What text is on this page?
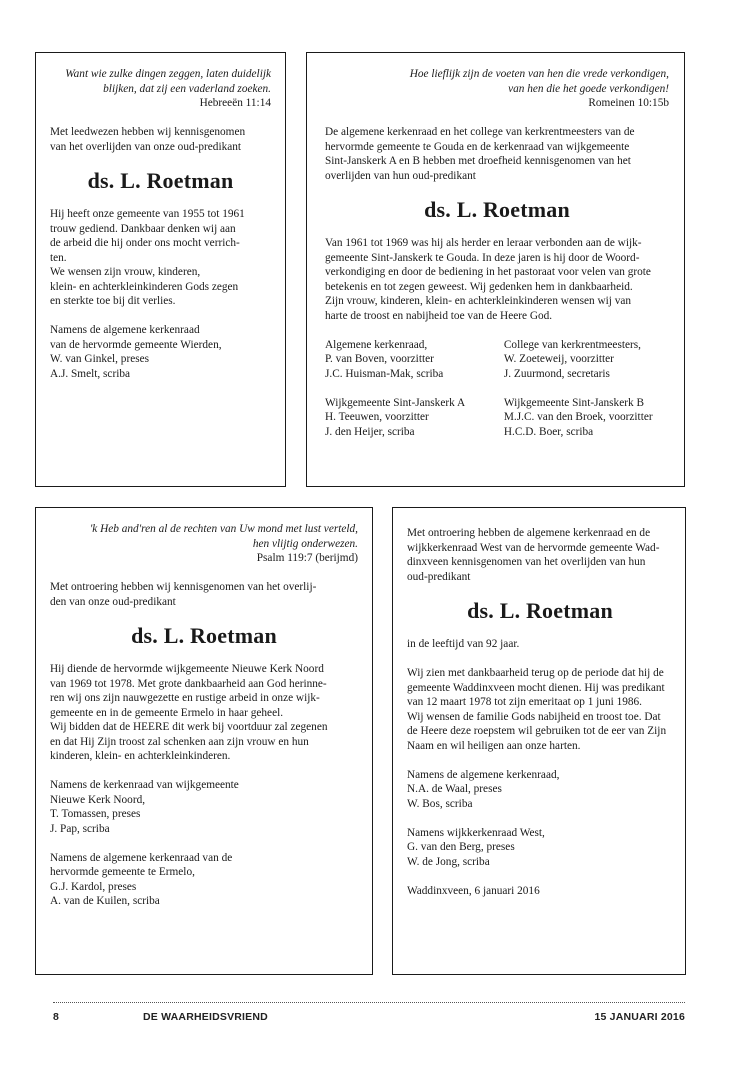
Want wie zulke dingen zeggen, laten duidelijk
blijken, dat zij een vaderland zoeken.
Hebreeën 11:14
Met leedwezen hebben wij kennisgenomen
van het overlijden van onze oud-predikant
ds. L. Roetman
Hij heeft onze gemeente van 1955 tot 1961
trouw gediend. Dankbaar denken wij aan
de arbeid die hij onder ons mocht verrich-
ten.
We wensen zijn vrouw, kinderen,
klein- en achterkleinkinderen Gods zegen
en sterkte toe bij dit verlies.
Namens de algemene kerkenraad
van de hervormde gemeente Wierden,
W. van Ginkel, preses
A.J. Smelt, scriba
Hoe lieflijk zijn de voeten van hen die vrede verkondigen,
van hen die het goede verkondigen!
Romeinen 10:15b
De algemene kerkenraad en het college van kerkrentmeesters van de
hervormde gemeente te Gouda en de kerkenraad van wijkgemeente
Sint-Janskerk A en B hebben met droefheid kennisgenomen van het
overlijden van hun oud-predikant
ds. L. Roetman
Van 1961 tot 1969 was hij als herder en leraar verbonden aan de wijk-
gemeente Sint-Janskerk te Gouda. In deze jaren is hij door de Woord-
verkondiging en door de bediening in het pastoraat voor velen van grote
betekenis en tot zegen geweest. Wij gedenken hem in dankbaarheid.
Zijn vrouw, kinderen, klein- en achterkleinkinderen wensen wij van
harte de troost en nabijheid toe van de Heere God.
Algemene kerkenraad,
P. van Boven, voorzitter
J.C. Huisman-Mak, scriba
College van kerkrentmeesters,
W. Zoeteweij, voorzitter
J. Zuurmond, secretaris
Wijkgemeente Sint-Janskerk A
H. Teeuwen, voorzitter
J. den Heijer, scriba
Wijkgemeente Sint-Janskerk B
M.J.C. van den Broek, voorzitter
H.C.D. Boer, scriba
'k Heb and'ren al de rechten van Uw mond met lust verteld,
hen vlijtig onderwezen.
Psalm 119:7 (berijmd)
Met ontroering hebben wij kennisgenomen van het overlij-
den van onze oud-predikant
ds. L. Roetman
Hij diende de hervormde wijkgemeente Nieuwe Kerk Noord
van 1969 tot 1978. Met grote dankbaarheid aan God herinne-
ren wij ons zijn nauwgezette en rustige arbeid in onze wijk-
gemeente en in de gemeente Ermelo in haar geheel.
Wij bidden dat de HEERE dit werk bij voortduur zal zegenen
en dat Hij Zijn troost zal schenken aan zijn vrouw en hun
kinderen, klein- en achterkleinkinderen.
Namens de kerkenraad van wijkgemeente
Nieuwe Kerk Noord,
T. Tomassen, preses
J. Pap, scriba
Namens de algemene kerkenraad van de
hervormde gemeente te Ermelo,
G.J. Kardol, preses
A. van de Kuilen, scriba
Met ontroering hebben de algemene kerkenraad en de
wijkkerkenraad West van de hervormde gemeente Wad-
dinxveen kennisgenomen van het overlijden van hun
oud-predikant
ds. L. Roetman
in de leeftijd van 92 jaar.
Wij zien met dankbaarheid terug op de periode dat hij de
gemeente Waddinxveen mocht dienen. Hij was predikant
van 12 maart 1978 tot zijn emeritaat op 1 juni 1986.
Wij wensen de familie Gods nabijheid en troost toe. Dat
de Heere deze roepstem wil gebruiken tot de eer van Zijn
Naam en wil heiligen aan onze harten.
Namens de algemene kerkenraad,
N.A. de Waal, preses
W. Bos, scriba
Namens wijkkerkenraad West,
G. van den Berg, preses
W. de Jong, scriba
Waddinxveen, 6 januari 2016
8	DE WAARHEIDSVRIEND	15 JANUARI 2016
